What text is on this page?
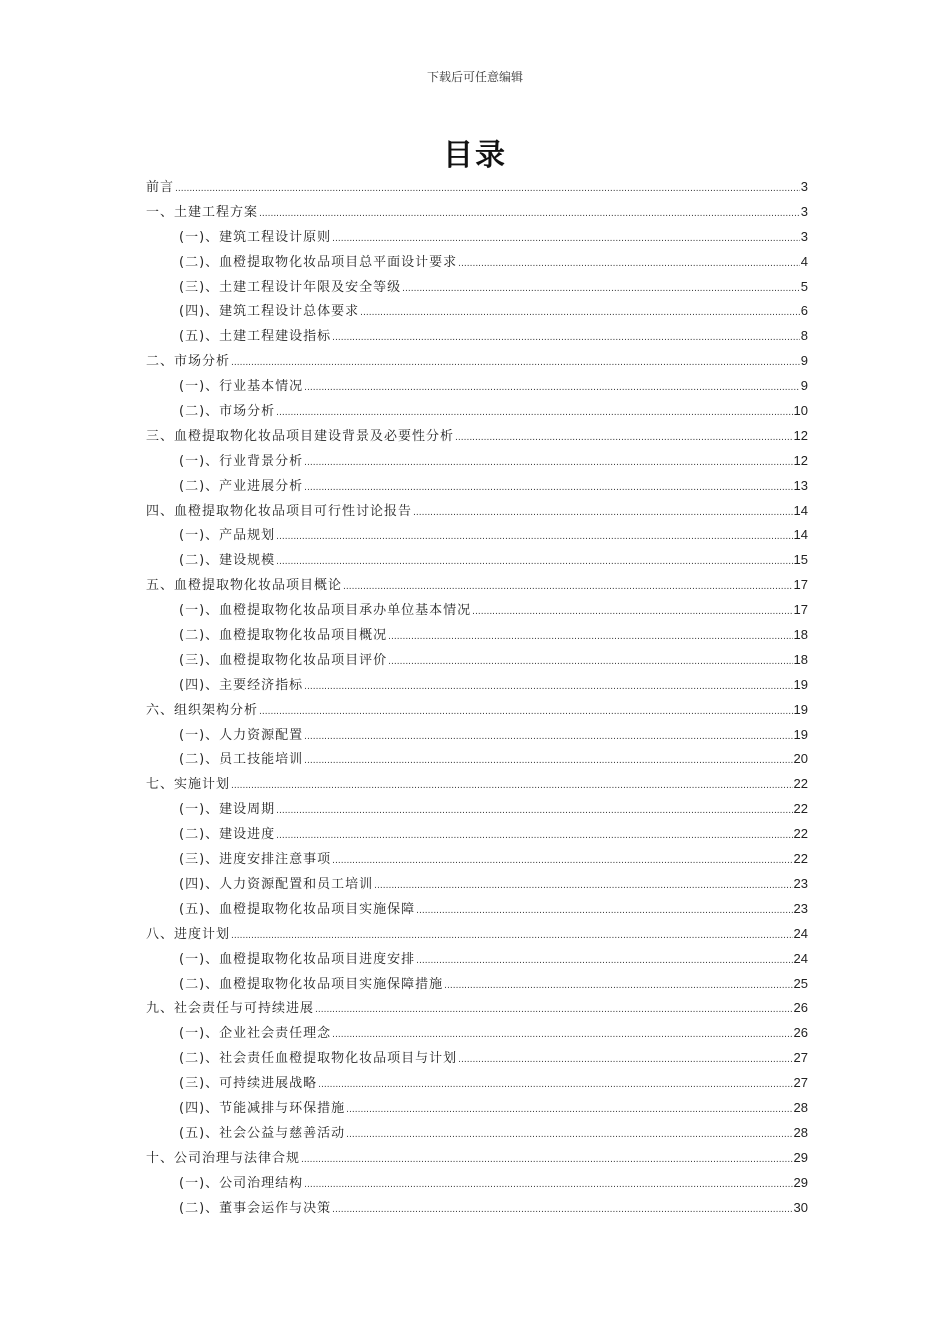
下载后可任意编辑
目录
前言 .....	3
一、土建工程方案 .....	3
(一)、建筑工程设计原则 .....	3
(二)、血橙提取物化妆品项目总平面设计要求 .....	4
(三)、土建工程设计年限及安全等级 .....	5
(四)、建筑工程设计总体要求 .....	6
(五)、土建工程建设指标 .....	8
二、市场分析 .....	9
(一)、行业基本情况 .....	9
(二)、市场分析 .....	10
三、血橙提取物化妆品项目建设背景及必要性分析 .....	12
(一)、行业背景分析 .....	12
(二)、产业进展分析 .....	13
四、血橙提取物化妆品项目可行性讨论报告 .....	14
(一)、产品规划 .....	14
(二)、建设规模 .....	15
五、血橙提取物化妆品项目概论 .....	17
(一)、血橙提取物化妆品项目承办单位基本情况 .....	17
(二)、血橙提取物化妆品项目概况 .....	18
(三)、血橙提取物化妆品项目评价 .....	18
(四)、主要经济指标 .....	19
六、组织架构分析 .....	19
(一)、人力资源配置 .....	19
(二)、员工技能培训 .....	20
七、实施计划 .....	22
(一)、建设周期 .....	22
(二)、建设进度 .....	22
(三)、进度安排注意事项 .....	22
(四)、人力资源配置和员工培训 .....	23
(五)、血橙提取物化妆品项目实施保障 .....	23
八、进度计划 .....	24
(一)、血橙提取物化妆品项目进度安排 .....	24
(二)、血橙提取物化妆品项目实施保障措施 .....	25
九、社会责任与可持续进展 .....	26
(一)、企业社会责任理念 .....	26
(二)、社会责任血橙提取物化妆品项目与计划 .....	27
(三)、可持续进展战略 .....	27
(四)、节能减排与环保措施 .....	28
(五)、社会公益与慈善活动 .....	28
十、公司治理与法律合规 .....	29
(一)、公司治理结构 .....	29
(二)、董事会运作与决策 .....	30
